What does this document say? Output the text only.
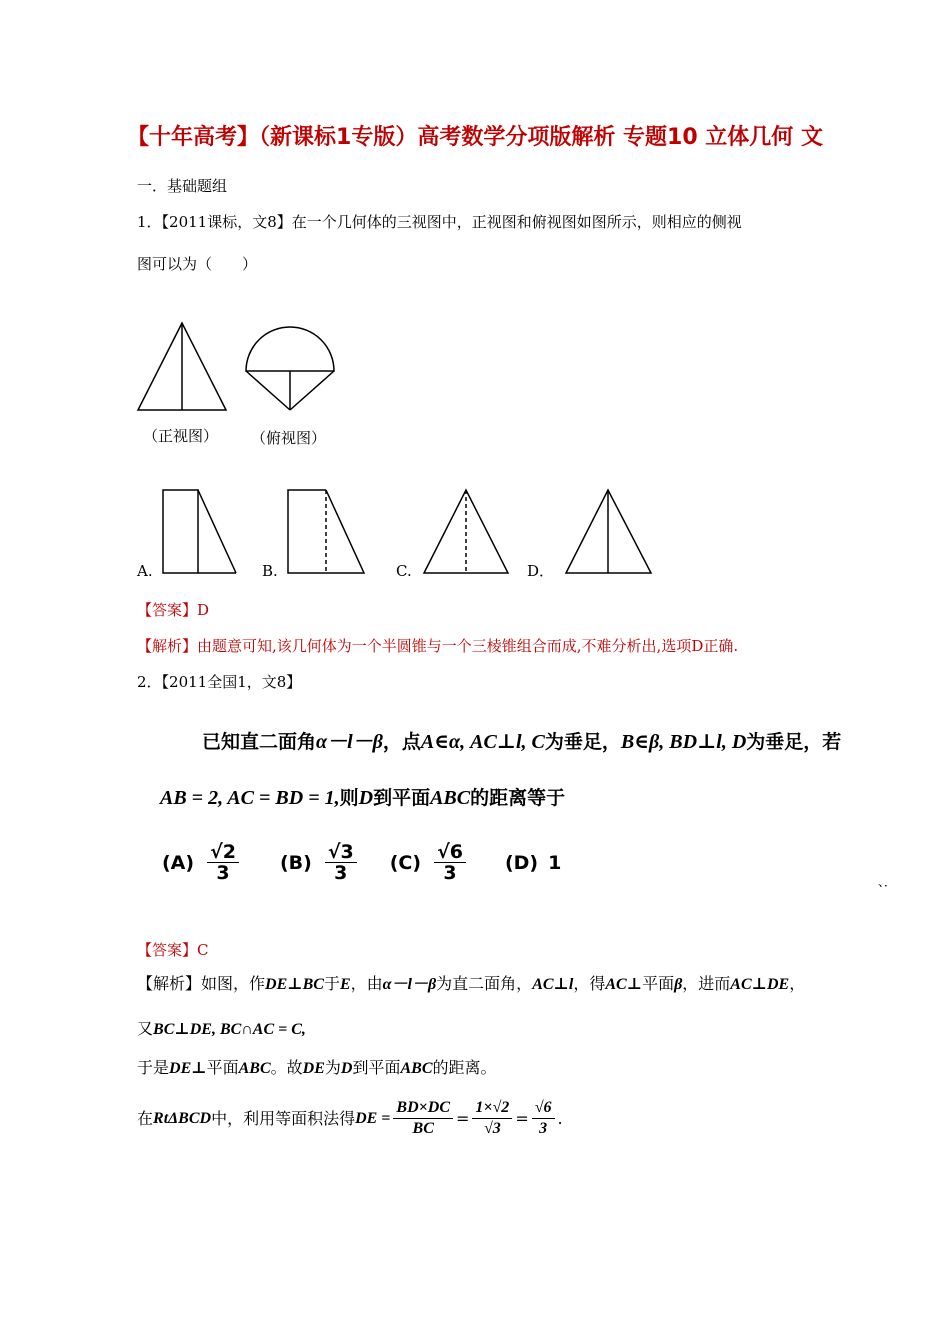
【十年高考】（新课标1专版）高考数学分项版解析 专题10 立体几何 文
一．基础题组
1．【2011课标，文8】在一个几何体的三视图中，正视图和俯视图如图所示，则相应的侧视
图可以为（　　）
（正视图） （俯视图）
A.	B.	C.	D．
【答案】D
【解析】由题意可知,该几何体为一个半圆锥与一个三棱锥组合而成,不难分析出,选项D正确.
2．【2011全国1，文8】
已知直二面角α－l－β，点A∈α, AC⊥l, C为垂足，B∈β, BD⊥l, D为垂足，若
AB = 2, AC = BD = 1,则D到平面ABC的距离等于
$(A) \frac{√2}{3} (B) \frac{√3}{3} (C) \frac{√6}{3} (D)$ 1
、．
【答案】C
【解析】如图，作DE⊥BC于E，由α－l－β为直二面角，AC⊥l，得AC⊥平面β，进而AC⊥DE，
又BC⊥DE, BC∩AC = C,
于是DE⊥平面ABC。故DE为D到平面ABC的距离。
在 RtΔBCD 中，利用等面积法得 DE = $\frac{BD\times DC}{BC} = \frac{1\times√2}{√3} = \frac{√6}{3}$ .
